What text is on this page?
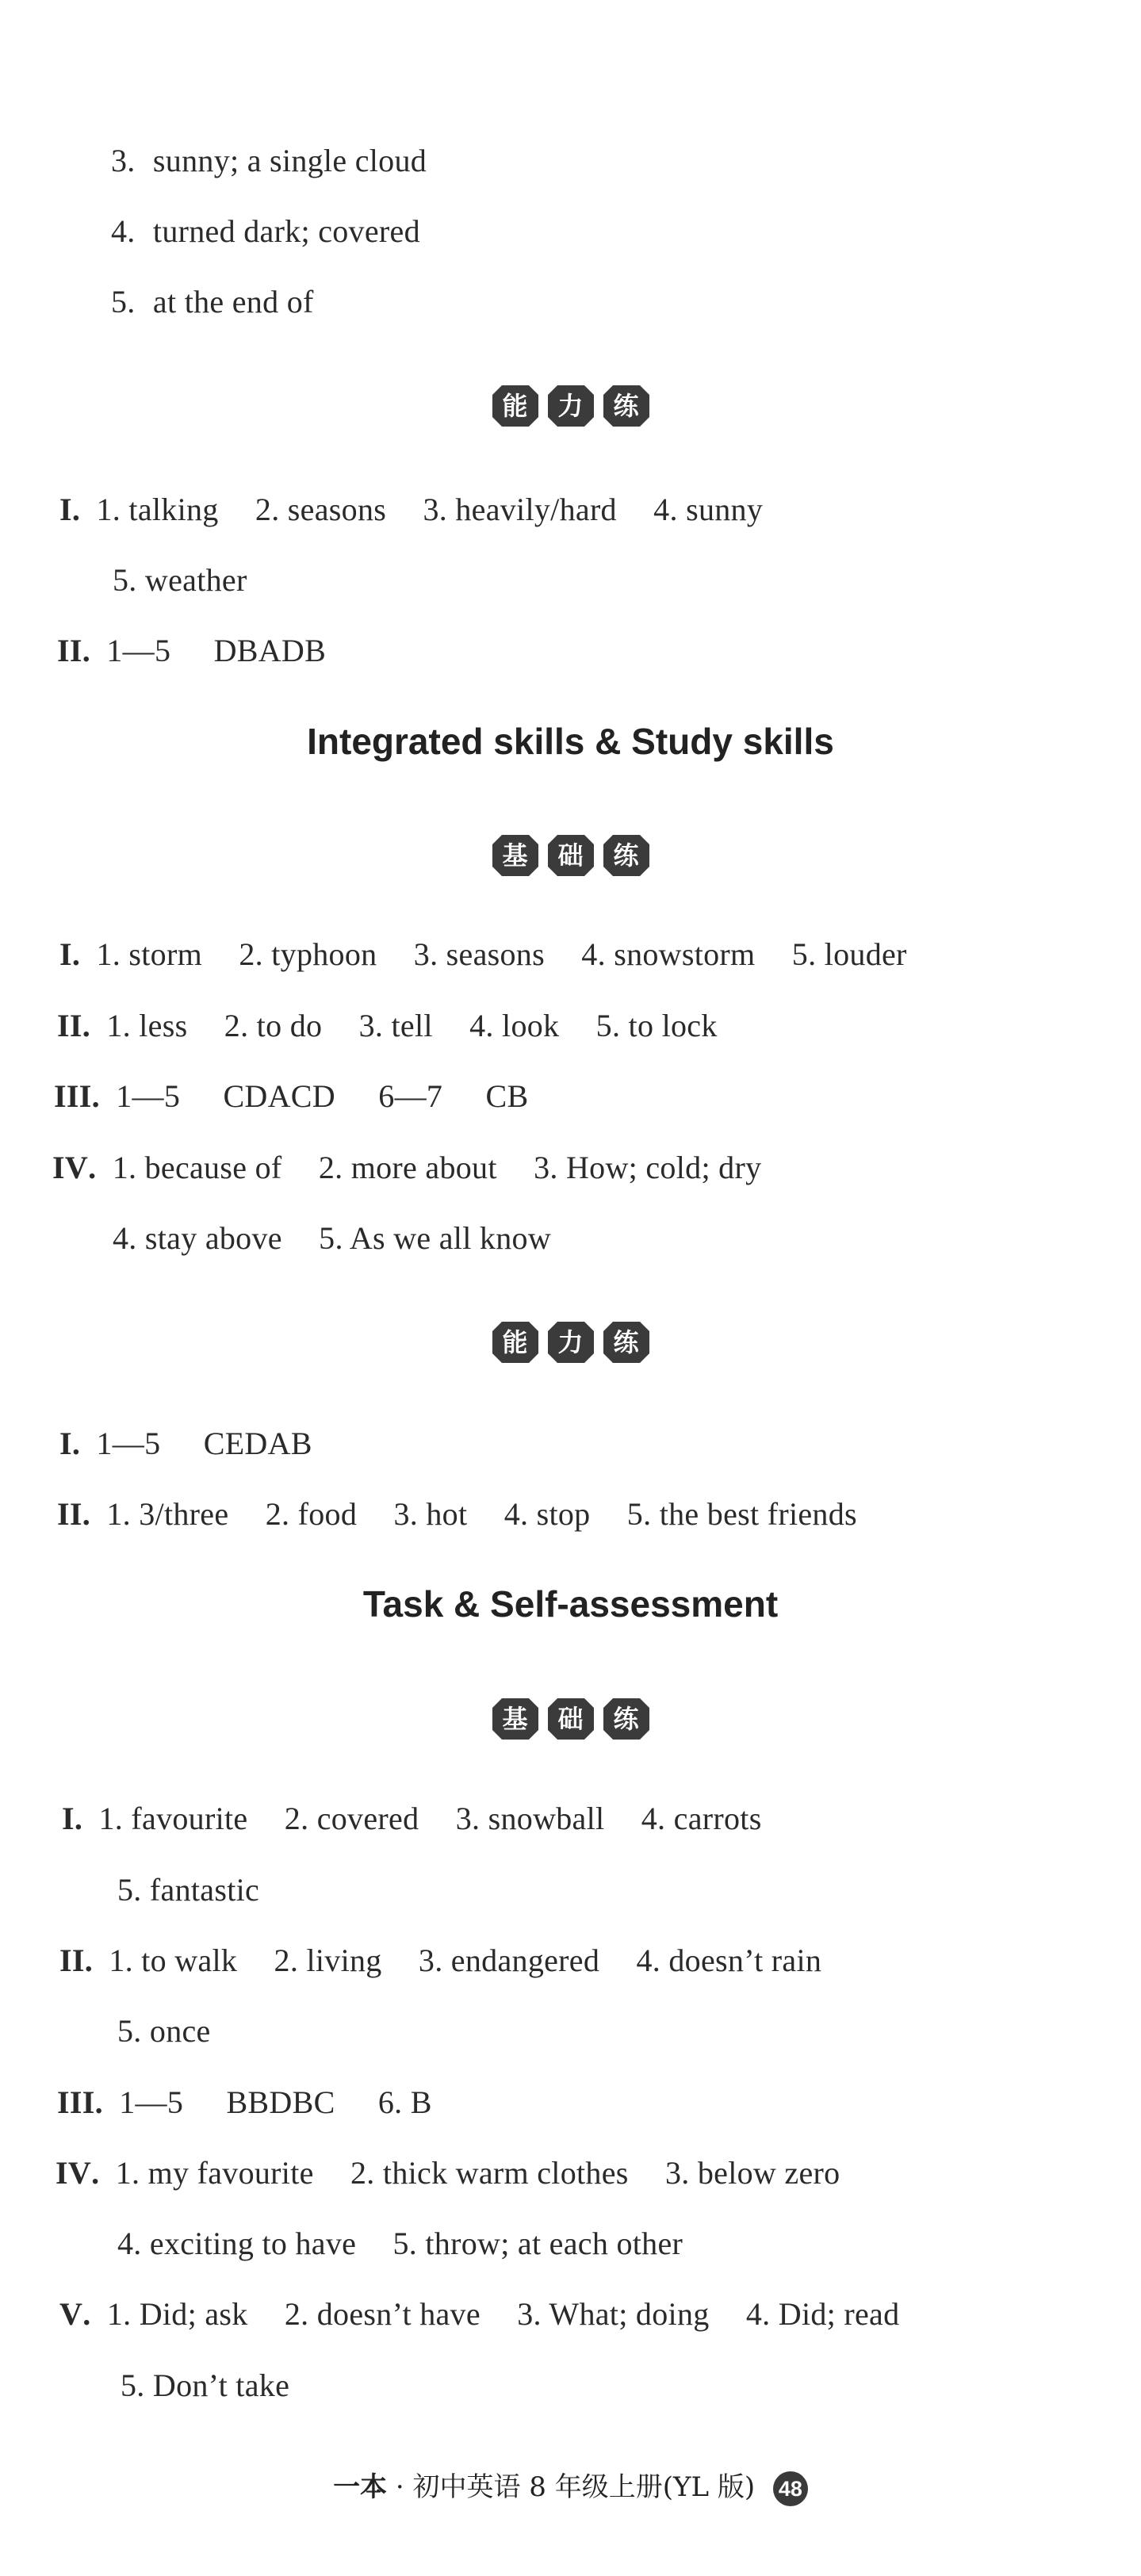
3. sunny; a single cloud
4. turned dark; covered
5. at the end of
能 力 练
I . 1. talking 2. seasons 3. heavily/hard 4. sunny
5. weather
II . 1—5 DBADB
Integrated skills & Study skills
基 础 练
I . 1. storm 2. typhoon 3. seasons 4. snowstorm 5. louder
II . 1. less 2. to do 3. tell 4. look 5. to lock
III . 1—5 CDACD 6—7 CB
IV . 1. because of 2. more about 3. How; cold; dry
4. stay above 5. As we all know
能 力 练
I . 1—5 CEDAB
II . 1. 3/three 2. food 3. hot 4. stop 5. the best friends
Task & Self-assessment
基 础 练
I . 1. favourite 2. covered 3. snowball 4. carrots
5. fantastic
II . 1. to walk 2. living 3. endangered 4. doesn’t rain
5. once
III . 1—5 BBDBC 6. B
IV . 1. my favourite 2. thick warm clothes 3. below zero
4. exciting to have 5. throw; at each other
V . 1. Did; ask 2. doesn’t have 3. What; doing 4. Did; read
5. Don’t take
一本 · 初中英语 8 年级上册(YL 版) 48
